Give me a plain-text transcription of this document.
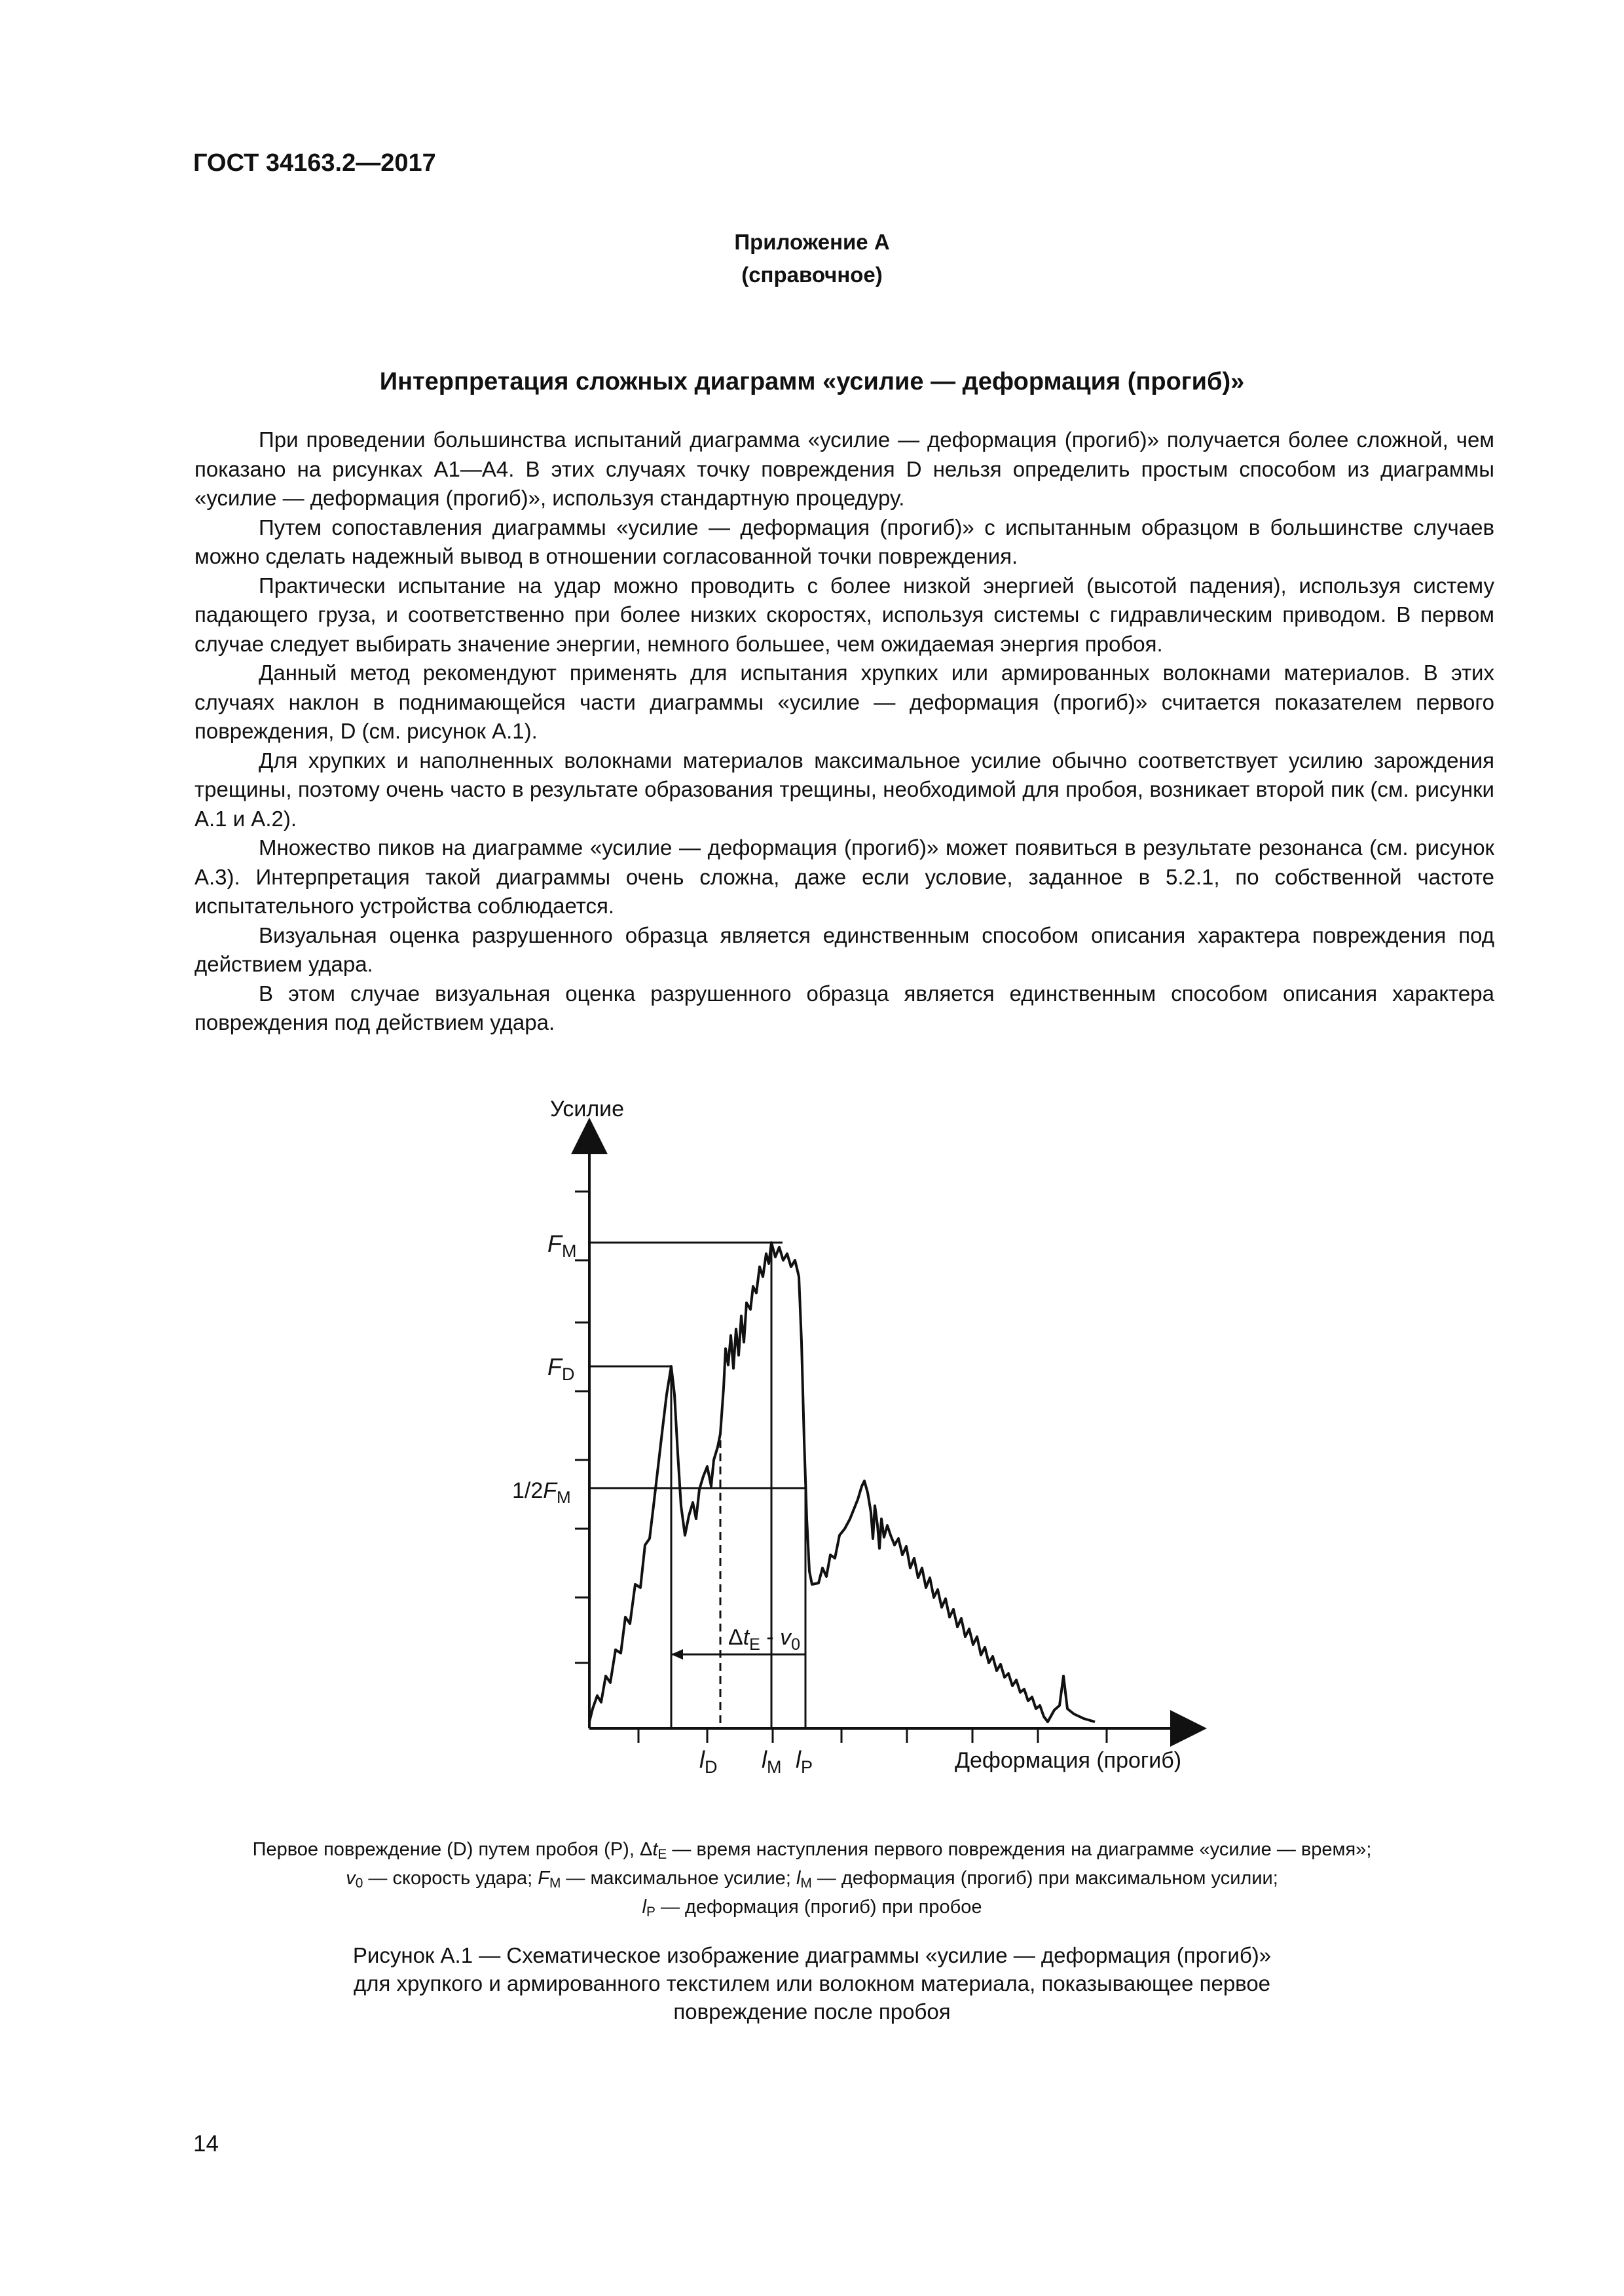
ГОСТ 34163.2—2017
Приложение А
(справочное)
Интерпретация сложных диаграмм «усилие — деформация (прогиб)»

При проведении большинства испытаний диаграмма «усилие — деформация (прогиб)» получается более сложной, чем показано на рисунках А1—А4. В этих случаях точку повреждения D нельзя определить простым способом из диаграммы «усилие — деформация (прогиб)», используя стандартную процедуру.

Путем сопоставления диаграммы «усилие — деформация (прогиб)» с испытанным образцом в большинстве случаев можно сделать надежный вывод в отношении согласованной точки повреждения.

Практически испытание на удар можно проводить с более низкой энергией (высотой падения), используя систему падающего груза, и соответственно при более низких скоростях, используя системы с гидравлическим приводом. В первом случае следует выбирать значение энергии, немного большее, чем ожидаемая энергия пробоя.

Данный метод рекомендуют применять для испытания хрупких или армированных волокнами материалов. В этих случаях наклон в поднимающейся части диаграммы «усилие — деформация (прогиб)» считается показателем первого повреждения, D (см. рисунок А.1).

Для хрупких и наполненных волокнами материалов максимальное усилие обычно соответствует усилию зарождения трещины, поэтому очень часто в результате образования трещины, необходимой для пробоя, возникает второй пик (см. рисунки А.1 и А.2).

Множество пиков на диаграмме «усилие — деформация (прогиб)» может появиться в результате резонанса (см. рисунок А.3). Интерпретация такой диаграммы очень сложна, даже если условие, заданное в 5.2.1, по собственной частоте испытательного устройства соблюдается.

Визуальная оценка разрушенного образца является единственным способом описания характера повреждения под действием удара.

В этом случае визуальная оценка разрушенного образца является единственным способом описания характера повреждения под действием удара.

Усилие
Деформация (прогиб)
$F_M$
$F_D$
$1/2F_M$
$l_D$ $l_M$ $l_P$
$\Delta t_E - v_0$
Первое повреждение (D) путем пробоя (P), $\Delta t_E$ — время наступления первого повреждения на диаграмме «усилие — время»;
$v_0$ — скорость удара; $F_M$ — максимальное усилие; $l_M$ — деформация (прогиб) при максимальном усилии;
$l_P$ — деформация (прогиб) при пробое
Рисунок А.1 — Схематическое изображение диаграммы «усилие — деформация (прогиб)»
для хрупкого и армированного текстилем или волокном материала, показывающее первое
повреждение после пробоя
14
